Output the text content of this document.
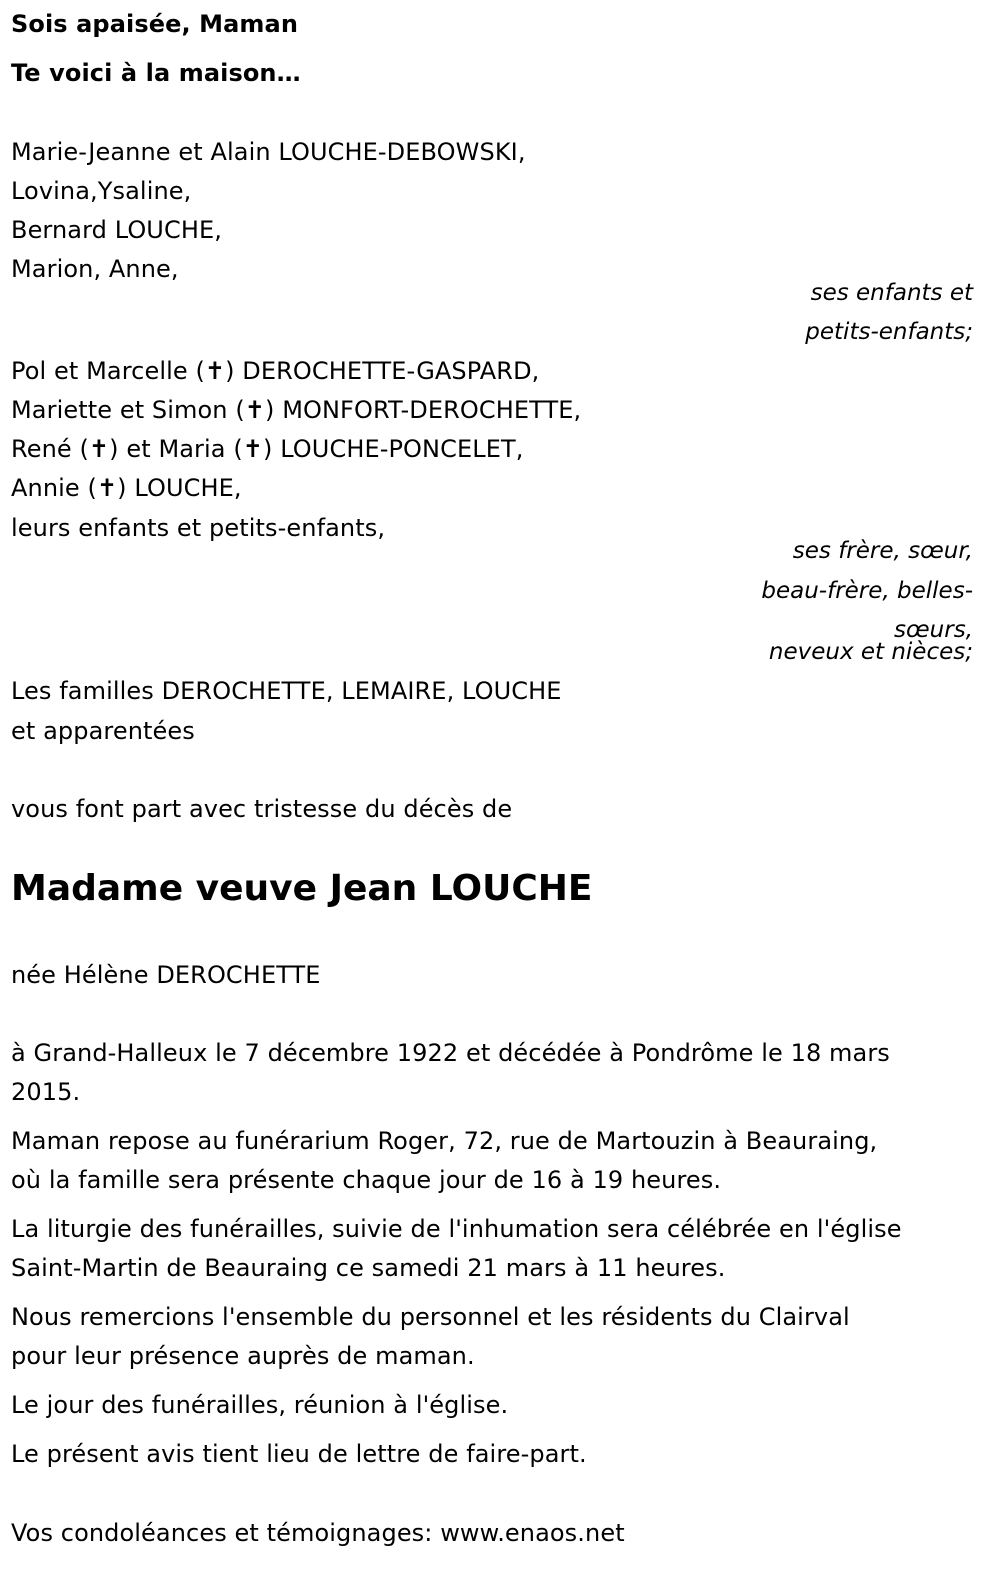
Sois apaisée, Maman
Te voici à la maison…
Marie-Jeanne et Alain LOUCHE-DEBOWSKI,
Lovina,Ysaline,
Bernard LOUCHE,
Marion, Anne,
ses enfants et
petits-enfants;
Pol et Marcelle (✝) DEROCHETTE-GASPARD,
Mariette et Simon (✝) MONFORT-DEROCHETTE,
René (✝) et Maria (✝) LOUCHE-PONCELET,
Annie (✝) LOUCHE,
leurs enfants et petits-enfants,
ses frère, sœur,
beau-frère, belles-
sœurs,
neveux et nièces;
Les familles DEROCHETTE, LEMAIRE, LOUCHE
et apparentées
vous font part avec tristesse du décès de
Madame veuve Jean LOUCHE
née Hélène DEROCHETTE
à Grand-Halleux le 7 décembre 1922 et décédée à Pondrôme le 18 mars
2015.
Maman repose au funérarium Roger, 72, rue de Martouzin à Beauraing,
où la famille sera présente chaque jour de 16 à 19 heures.
La liturgie des funérailles, suivie de l'inhumation sera célébrée en l'église
Saint-Martin de Beauraing ce samedi 21 mars à 11 heures.
Nous remercions l'ensemble du personnel et les résidents du Clairval
pour leur présence auprès de maman.
Le jour des funérailles, réunion à l'église.
Le présent avis tient lieu de lettre de faire-part.
Vos condoléances et témoignages: www.enaos.net
